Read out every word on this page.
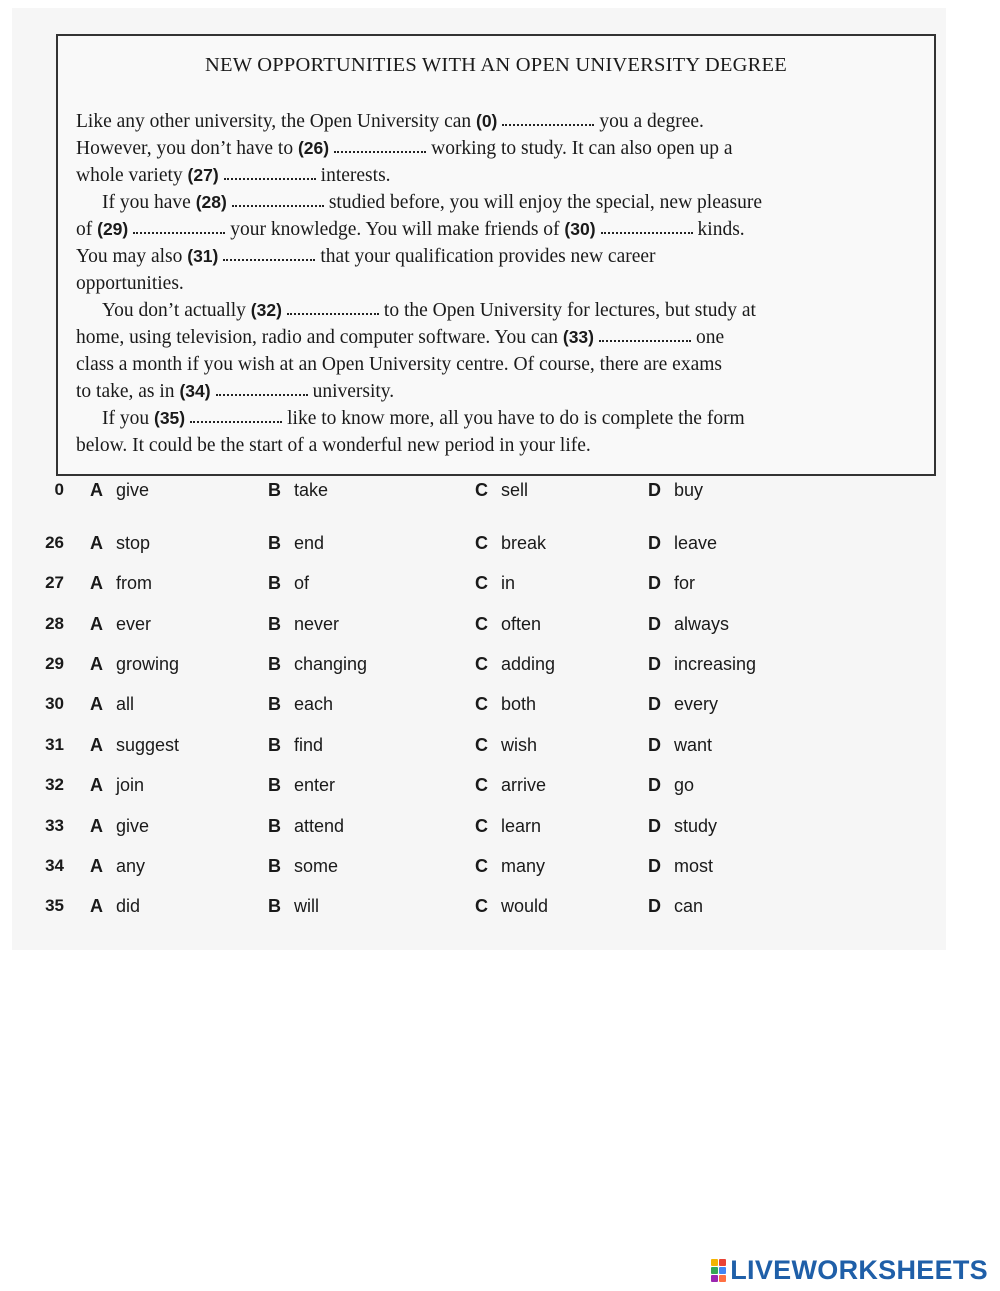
NEW OPPORTUNITIES WITH AN OPEN UNIVERSITY DEGREE
Like any other university, the Open University can (0)	you a degree.
However, you don’t have to (26)	working to study. It can also open up a
whole variety (27)	interests.
If you have (28)	studied before, you will enjoy the special, new pleasure
of (29)	your knowledge. You will make friends of (30)	kinds.
You may also (31)	that your qualification provides new career
opportunities.
You don’t actually (32)	to the Open University for lectures, but study at
home, using television, radio and computer software. You can (33)	one
class a month if you wish at an Open University centre. Of course, there are exams
to take, as in (34)	university.
If you (35)	like to know more, all you have to do is complete the form
below. It could be the start of a wonderful new period in your life.
0 A give	B take	C sell	D buy
26 A stop	B end	C break	D leave
27 A from	B of	C in	D for
28 A ever	B never	C often	D always
29 A growing	B changing	C adding	D increasing
30 A all	B each	C both	D every
31 A suggest	B find	C wish	D want
32 A join	B enter	C arrive	D go
33 A give	B attend	C learn	D study
34 A any	B some	C many	D most
35 A did	B will	C would	D can
LIVEWORKSHEETS
